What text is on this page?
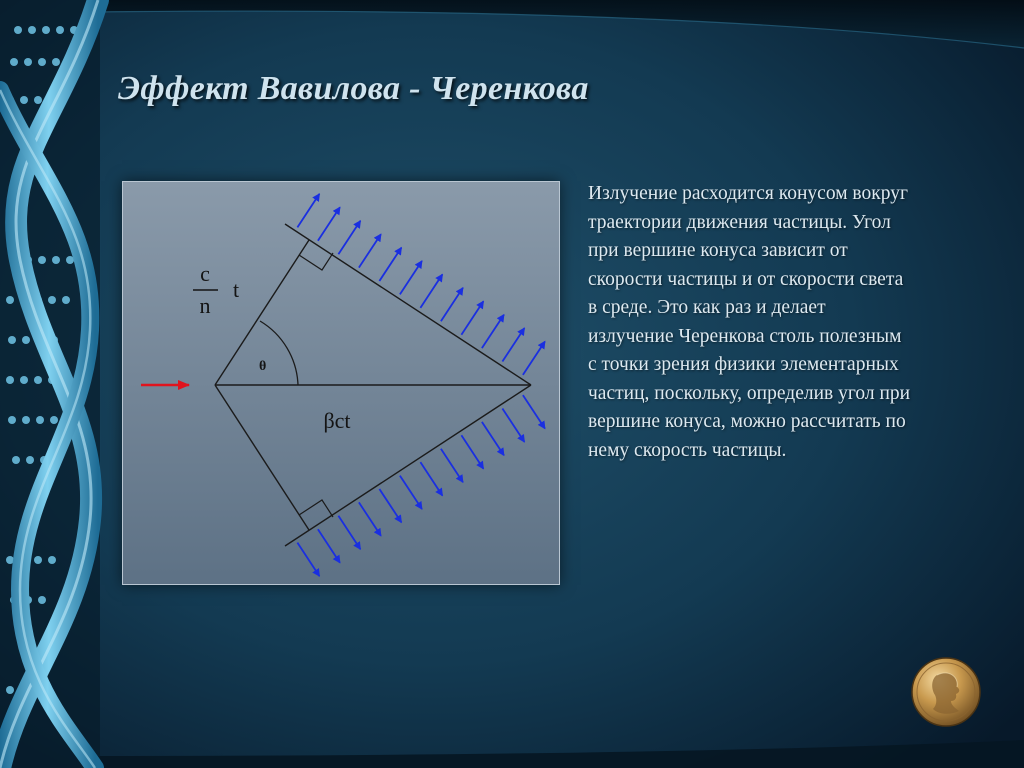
Эффект Вавилова - Черенкова
c
n
t
θ
βct

Излучение расходится конусом вокруг
траектории движения частицы. Угол
при вершине конуса зависит от
скорости частицы и от скорости света
в среде. Это как раз и делает
излучение Черенкова столь полезным
с точки зрения физики элементарных
частиц, поскольку, определив угол при
вершине конуса, можно рассчитать по
нему скорость частицы.
